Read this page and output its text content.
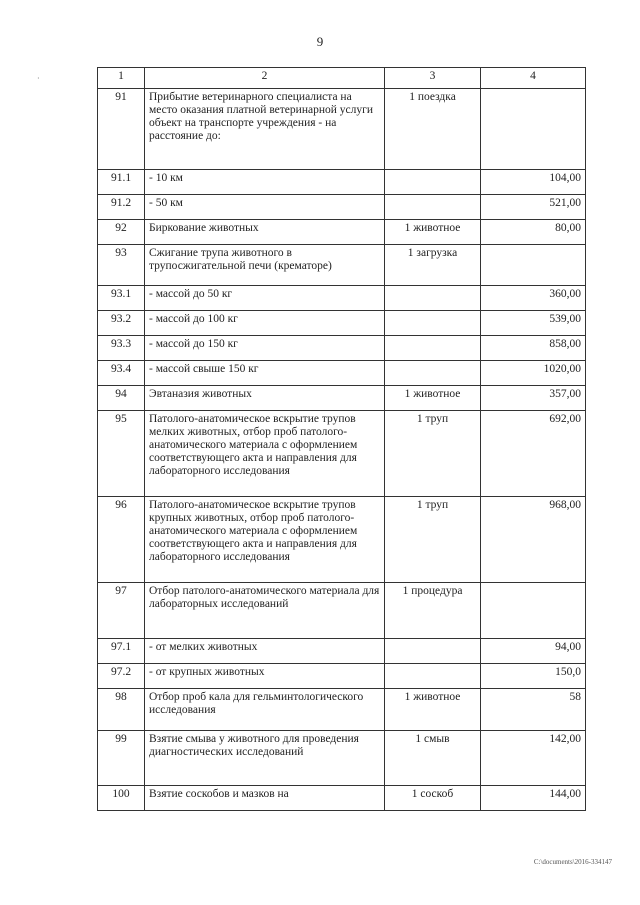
·
9
1	2	3	4
91	Прибытие ветеринарного специалиста на место оказания платной ветеринарной услуги объект на транспорте учреждения - на расстояние до:	1 поездка	
91.1	- 10 км		104,00
91.2	- 50 км		521,00
92	Биркование животных	1 животное	80,00
93	Сжигание трупа животного в трупосжигательной печи (крематоре)	1 загрузка	
93.1	- массой до 50 кг		360,00
93.2	- массой до 100 кг		539,00
93.3	- массой до 150 кг		858,00
93.4	- массой свыше 150 кг		1020,00
94	Эвтаназия животных	1 животное	357,00
95	Патолого-анатомическое вскрытие трупов мелких животных, отбор проб патолого-анатомического материала с оформлением соответствующего акта и направления для лабораторного исследования	1 труп	692,00
96	Патолого-анатомическое вскрытие трупов крупных животных, отбор проб патолого-анатомического материала с оформлением соответствующего акта и направления для лабораторного исследования	1 труп	968,00
97	Отбор патолого-анатомического материала для лабораторных исследований	1 процедура	
97.1	- от мелких животных		94,00
97.2	- от крупных животных		150,0
98	Отбор проб кала для гельминтологического исследования	1 животное	58
99	Взятие смыва у животного для проведения диагностических исследований	1 смыв	142,00
100	Взятие соскобов и мазков на	1 соскоб	144,00
C:\documents\2016-334147
